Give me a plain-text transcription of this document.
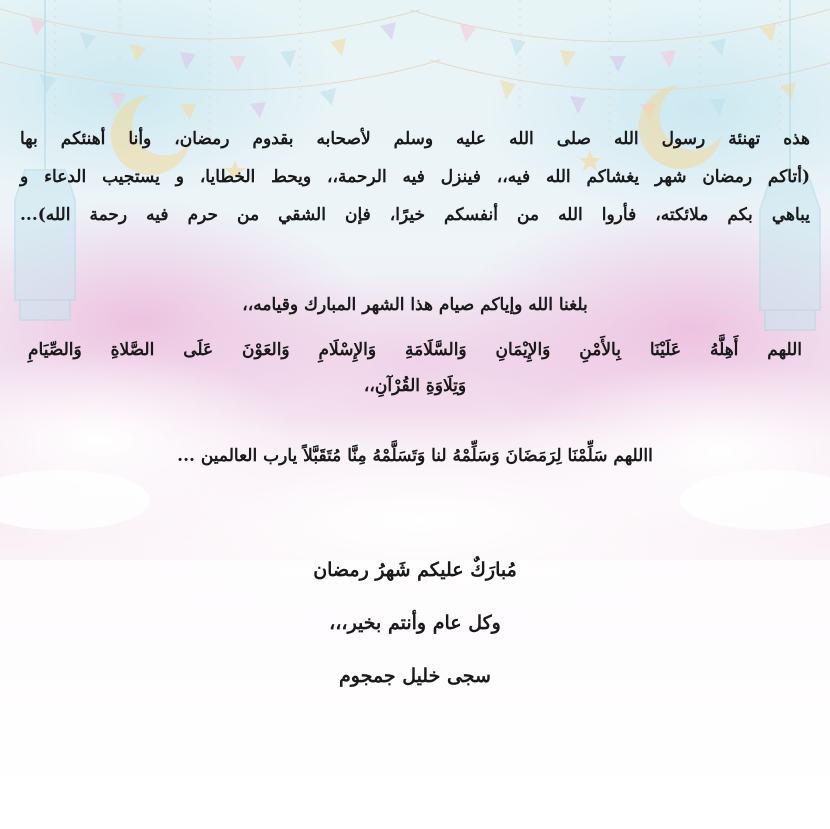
هذه تهنئة رسول الله صلى الله عليه وسلم لأصحابه بقدوم رمضان، وأنا أهنئكم بها
(أتاكم رمضان شهر يغشاكم الله فيه،، فينزل فيه الرحمة،، ويحط الخطايا، و يستجيب الدعاء و
يباهي بكم ملائكته، فأروا الله من أنفسكم خيرًا، فإن الشقي من حرم فيه رحمة الله)...
بلغنا الله وإياكم صيام هذا الشهر المبارك وقيامه،،
اللهم أَهِلَّهُ عَلَيْنَا بِالأَمْنِ وَالإِيْمَانِ وَالسَّلَامَةِ وَالإِسْلَامِ وَالعَوْنَ عَلَى الصَّلاةِ وَالصِّيَامِ
وَتِلَاوَةِ القُرْآنِ،،
االلهم سَلِّمْنَا لِرَمَضَانَ وَسَلِّمْهُ لنا وَتَسَلَّمْهُ مِنَّا مُتَقَبَّلاً يارب العالمين ...
مُبارَكٌ عليكم شَهرُ رمضان
وكل عام وأنتم بخير،،،
سجى خليل جمجوم
